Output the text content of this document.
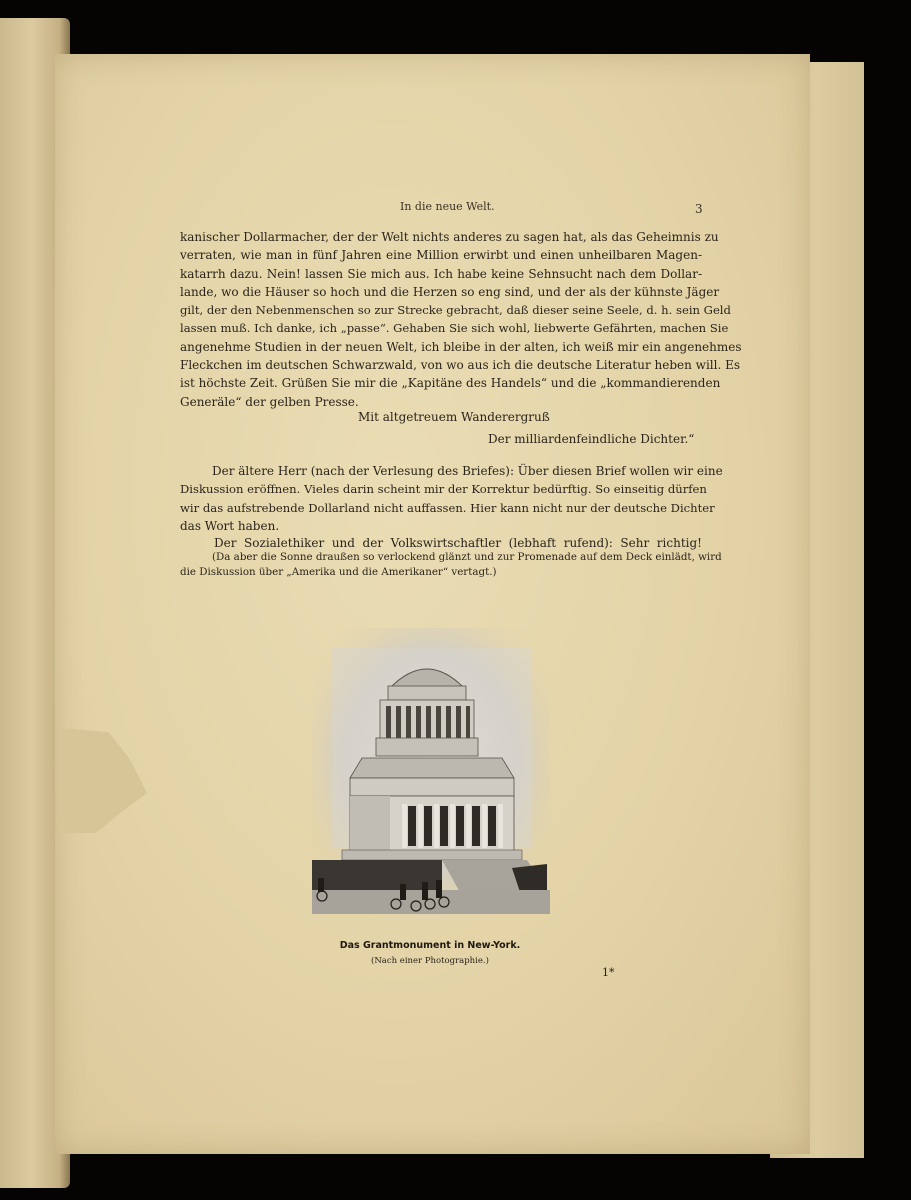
In die neue Welt.	3
kanischer Dollarmacher, der der Welt nichts anderes zu sagen hat, als das Geheimnis zu
verraten, wie man in fünf Jahren eine Million erwirbt und einen unheilbaren Magen-
katarrh dazu. Nein! lassen Sie mich aus. Ich habe keine Sehnsucht nach dem Dollar-
lande, wo die Häuser so hoch und die Herzen so eng sind, und der als der kühnste Jäger
gilt, der den Nebenmenschen so zur Strecke gebracht, daß dieser seine Seele, d. h. sein Geld
lassen muß. Ich danke, ich „passe“. Gehaben Sie sich wohl, liebwerte Gefährten, machen Sie
angenehme Studien in der neuen Welt, ich bleibe in der alten, ich weiß mir ein angenehmes
Fleckchen im deutschen Schwarzwald, von wo aus ich die deutsche Literatur heben will. Es
ist höchste Zeit. Grüßen Sie mir die „Kapitäne des Handels“ und die „kommandierenden
Generäle“ der gelben Presse.
Mit altgetreuem Wanderergruß
Der milliardenfeindliche Dichter.“
Der ältere Herr (nach der Verlesung des Briefes): Über diesen Brief wollen wir eine
Diskussion eröffnen. Vieles darin scheint mir der Korrektur bedürftig. So einseitig dürfen
wir das aufstrebende Dollarland nicht auffassen. Hier kann nicht nur der deutsche Dichter
das Wort haben.
Der Sozialethiker und der Volkswirtschaftler (lebhaft rufend): Sehr richtig!
(Da aber die Sonne draußen so verlockend glänzt und zur Promenade auf dem Deck einlädt, wird
die Diskussion über „Amerika und die Amerikaner“ vertagt.)
Das Grantmonument in New-York.
(Nach einer Photographie.)
1*
